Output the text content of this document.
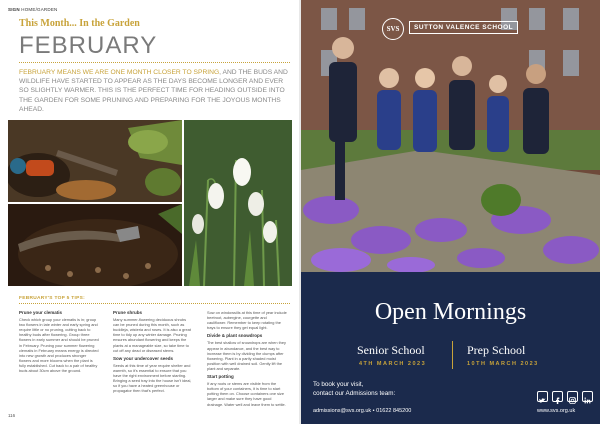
SIGN HOME/GARDEN
This Month... In the Garden
FEBRUARY
FEBRUARY MEANS WE ARE ONE MONTH CLOSER TO SPRING, AND THE BUDS AND WILDLIFE HAVE STARTED TO APPEAR AS THE DAYS BECOME LONGER AND EVER SO SLIGHTLY WARMER. THIS IS THE PERFECT TIME FOR HEADING OUTSIDE INTO THE GARDEN FOR SOME PRUNING AND PREPARING FOR THE JOYOUS MONTHS AHEAD.
FEBRUARY'S TOP 5 TIPS:
Prune your clematis
Check which group your clematis is in; group two flowers in late winter and early spring and require little or no pruning, cutting back to healthy buds after flowering. Group three flowers in early summer and should be pruned in February. Pruning your summer flowering clematis in February means energy is directed into new growth and produces stronger flowers and more blooms when the plant is fully established. Cut back to a pair of healthy buds about 30cm above the ground.
Prune shrubs
Many summer-flowering deciduous shrubs can be pruned during this month, such as buddleja, wisteria and roses. It is also a great time to tidy up any winter damage. Pruning ensures abundant flowering and keeps the plants at a manageable size, so take time to cut off any dead or diseased stems.
Sow your undercover seeds
Seeds at this time of year require shelter and warmth, so it's essential to ensure that you have the right environment before starting. Bringing a seed tray into the house isn't ideal, so if you have a heated greenhouse or propagator then that's perfect.
Sow on windowsills at this time of year include beetroot, aubergine, courgette and cauliflower. Remember to keep rotating the trays to ensure they get equal light.
Divide & plant snowdrops
The best shallow of snowdrops are when they appear in abundance, and the best way to increase them is by dividing the clumps after flowering. Plant in a partly shaded moist position with well drained soil. Gently lift the plant and separate.
Start potting
If any roots or stems are visible from the bottom of your containers, it is time to start potting them on. Choose containers one size larger and make sure they have good drainage. Water well and leave them to settle.
116
SVS	SUTTON VALENCE SCHOOL
Open Mornings
Senior School
4TH MARCH 2023
Prep School
10TH MARCH 2023
To book your visit,
contact our Admissions team:
admissions@svs.org.uk • 01622 845200	www.svs.org.uk
